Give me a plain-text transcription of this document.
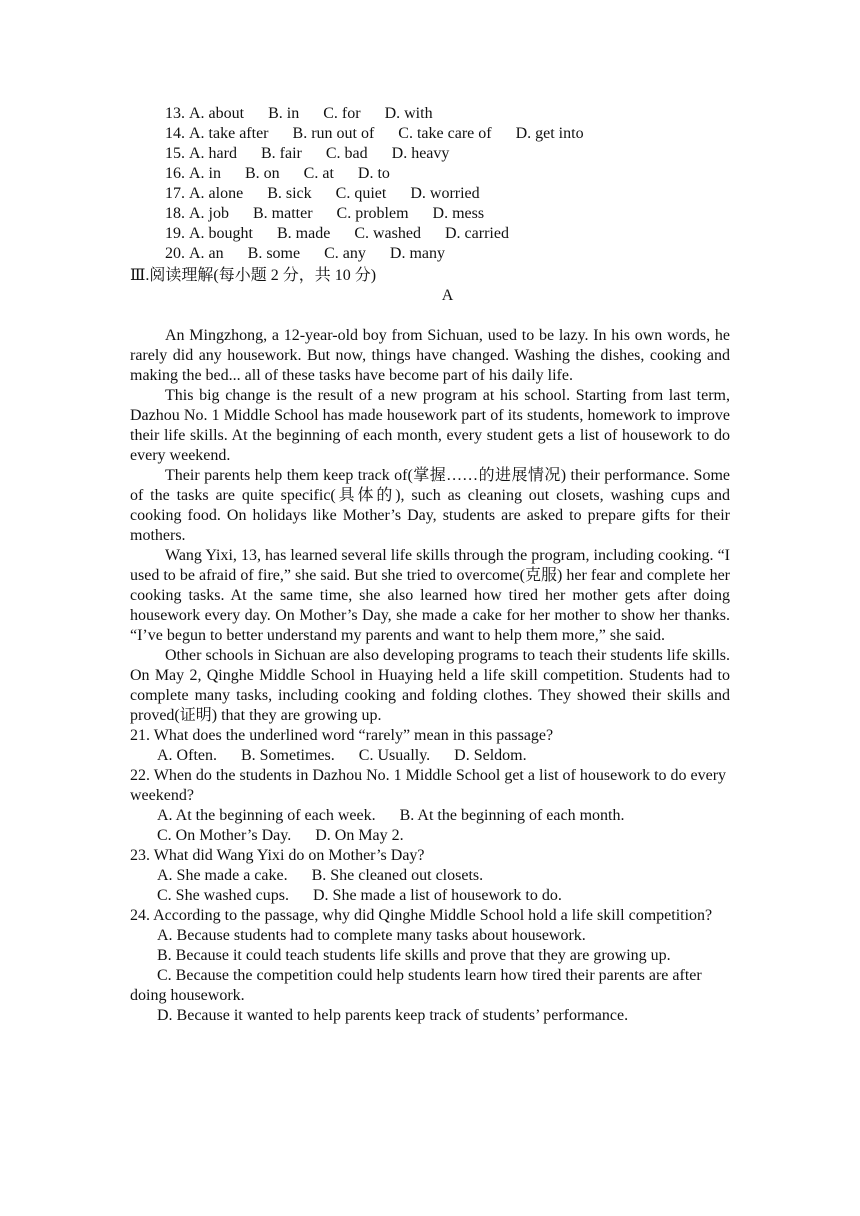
13. A. about B. in C. for D. with
14. A. take after B. run out of C. take care of D. get into
15. A. hard B. fair C. bad D. heavy
16. A. in B. on C. at D. to
17. A. alone B. sick C. quiet D. worried
18. A. job B. matter C. problem D. mess
19. A. bought B. made C. washed D. carried
20. A. an B. some C. any D. many
Ⅲ.阅读理解(每小题 2 分，共 10 分)
A

An Mingzhong, a 12-year-old boy from Sichuan, used to be lazy. In his own words, he rarely did any housework. But now, things have changed. Washing the dishes, cooking and making the bed... all of these tasks have become part of his daily life.

This big change is the result of a new program at his school. Starting from last term, Dazhou No. 1 Middle School has made housework part of its students, homework to improve their life skills. At the beginning of each month, every student gets a list of housework to do every weekend.

Their parents help them keep track of(掌握……的进展情况) their performance. Some of the tasks are quite specific(具体的), such as cleaning out closets, washing cups and cooking food. On holidays like Mother’s Day, students are asked to prepare gifts for their mothers.

Wang Yixi, 13, has learned several life skills through the program, including cooking. “I used to be afraid of fire,” she said. But she tried to overcome(克服) her fear and complete her cooking tasks. At the same time, she also learned how tired her mother gets after doing housework every day. On Mother’s Day, she made a cake for her mother to show her thanks. “I’ve begun to better understand my parents and want to help them more,” she said.

Other schools in Sichuan are also developing programs to teach their students life skills. On May 2, Qinghe Middle School in Huaying held a life skill competition. Students had to complete many tasks, including cooking and folding clothes. They showed their skills and proved(证明) that they are growing up.

21. What does the underlined word “rarely” mean in this passage?

A. Often. B. Sometimes. C. Usually. D. Seldom.

22. When do the students in Dazhou No. 1 Middle School get a list of housework to do every weekend?

A. At the beginning of each week. B. At the beginning of each month.
C. On Mother’s Day. D. On May 2.

23. What did Wang Yixi do on Mother’s Day?

A. She made a cake. B. She cleaned out closets.
C. She washed cups. D. She made a list of housework to do.

24. According to the passage, why did Qinghe Middle School hold a life skill competition?

A. Because students had to complete many tasks about housework.

B. Because it could teach students life skills and prove that they are growing up.

C. Because the competition could help students learn how tired their parents are after doing housework.

D. Because it wanted to help parents keep track of students’ performance.
